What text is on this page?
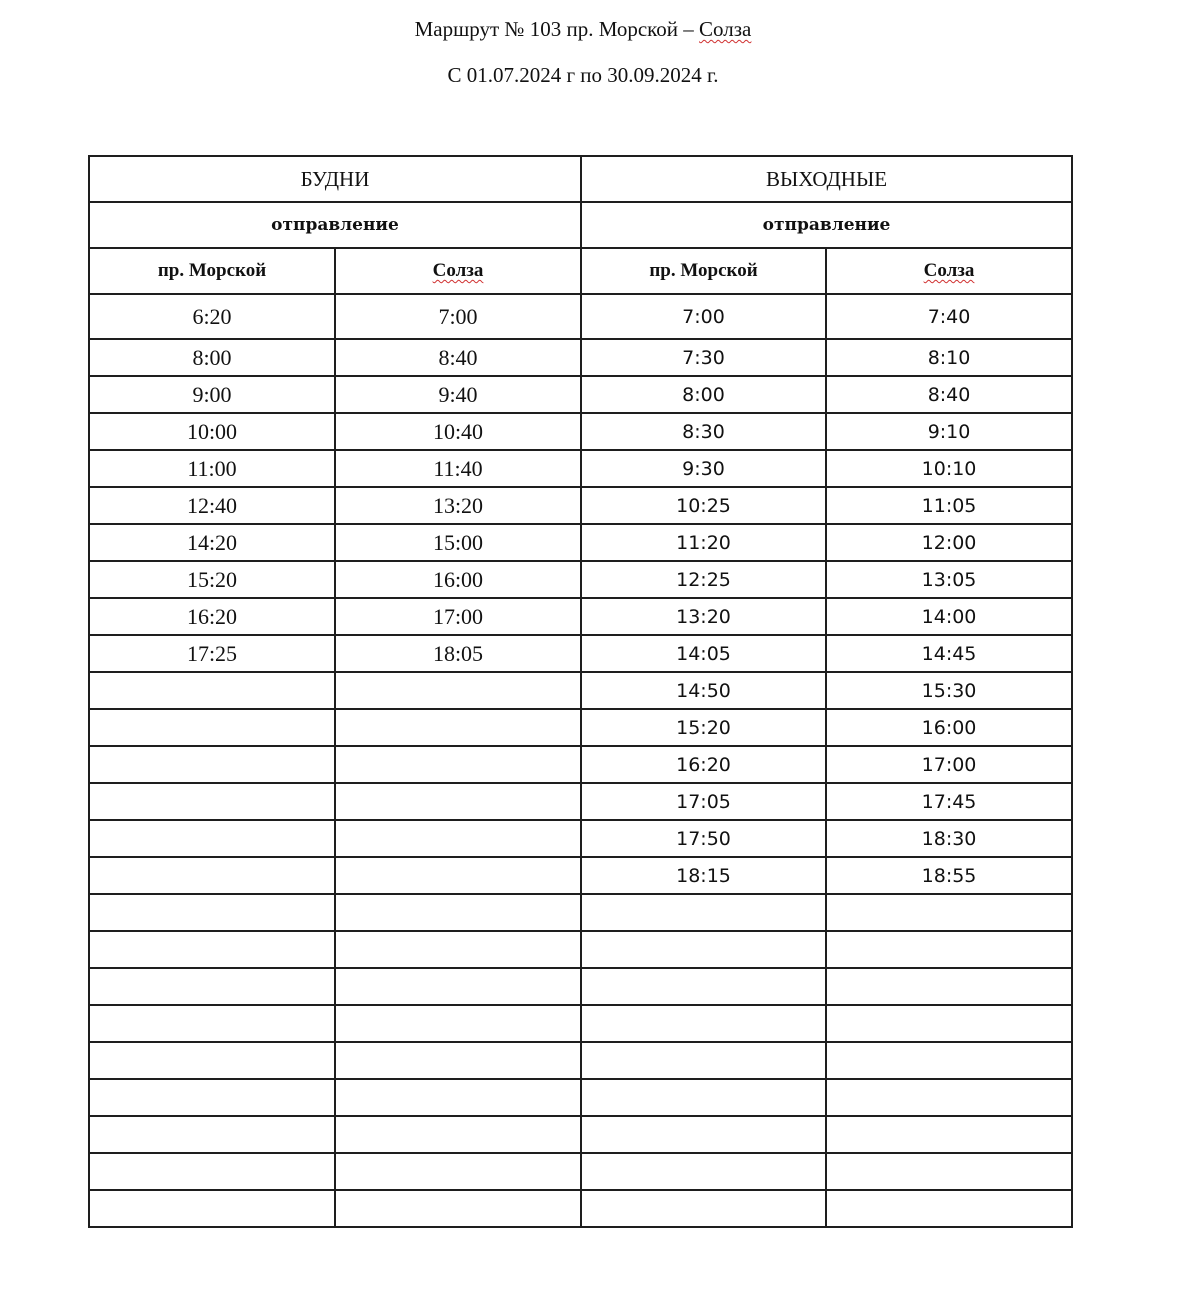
Маршрут № 103 пр. Морской – Солза
С 01.07.2024 г по 30.09.2024 г.
БУДНИ		ВЫХОДНЫЕ	
отправление		отправление	
пр. Морской	Солза	пр. Морской	Солза
6:20	7:00	7:00	7:40
8:00	8:40	7:30	8:10
9:00	9:40	8:00	8:40
10:00	10:40	8:30	9:10
11:00	11:40	9:30	10:10
12:40	13:20	10:25	11:05
14:20	15:00	11:20	12:00
15:20	16:00	12:25	13:05
16:20	17:00	13:20	14:00
17:25	18:05	14:05	14:45
		14:50	15:30
		15:20	16:00
		16:20	17:00
		17:05	17:45
		17:50	18:30
		18:15	18:55
